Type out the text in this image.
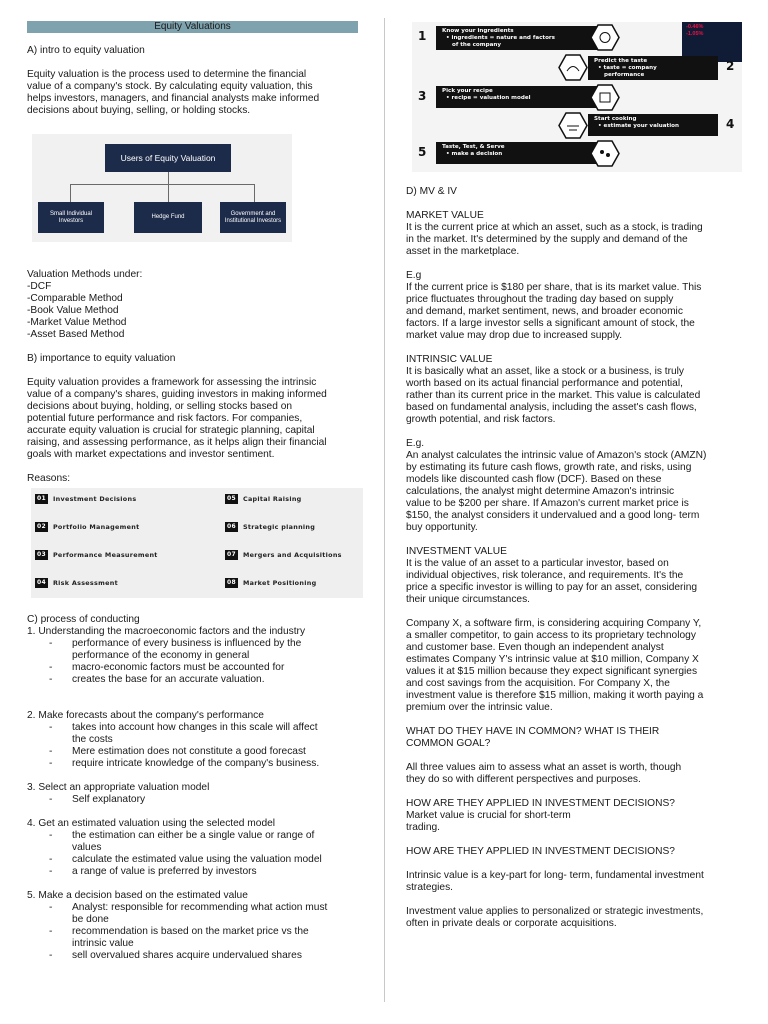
Equity Valuations

A) intro to equity valuation

Equity valuation is the process used to determine the financial

value of a company's stock. By calculating equity valuation, this

helps investors, managers, and financial analysts make informed

decisions about buying, selling, or holding stocks.

Users of Equity Valuation
Small Individual Investors
Hedge Fund
Government and Institutional Investors

Valuation Methods under:

-DCF

-Comparable Method

-Book Value Method

-Market Value Method

-Asset Based Method

B) importance to equity valuation

Equity valuation provides a framework for assessing the intrinsic

value of a company's shares, guiding investors in making informed

decisions about buying, holding, or selling stocks based on

potential future performance and risk factors. For companies,

accurate equity valuation is crucial for strategic planning, capital

raising, and assessing performance, as it helps align their financial

goals with market expectations and investor sentiment.

Reasons:

01	Investment Decisions
02	Portfolio Management
03	Performance Measurement
04	Risk Assessment
05	Capital Raising
06	Strategic planning
07	Mergers and Acquisitions
08	Market Positioning

C) process of conducting

1. Understanding the macroeconomic factors and the industry

- performance of every business is influenced by the

performance of the economy in general

- macro-economic factors must be accounted for

- creates the base for an accurate valuation.

2. Make forecasts about the company's performance

- takes into account how changes in this scale will affect

the costs

- Mere estimation does not constitute a good forecast

- require intricate knowledge of the company's business.

3. Select an appropriate valuation model

- Self explanatory

4. Get an estimated valuation using the selected model

- the estimation can either be a single value or range of

values

- calculate the estimated value using the valuation model

- a range of value is preferred by investors

5. Make a decision based on the estimated value

- Analyst: responsible for recommending what action must

be done

- recommendation is based on the market price vs the

intrinsic value

- sell overvalued shares acquire undervalued shares

-0.46%
-1.05%
1	Know your ingredients
• ingredients = nature and factors
of the company
Predict the taste
• taste = company
performance
2
3	Pick your recipe
• recipe = valuation model
Start cooking
• estimate your valuation	4
5	Taste, Test, & Serve
• make a decision

D) MV & IV

MARKET VALUE

It is the current price at which an asset, such as a stock, is trading

in the market. It's determined by the supply and demand of the

asset in the marketplace.

E.g

If the current price is $180 per share, that is its market value. This

price fluctuates throughout the trading day based on supply

and demand, market sentiment, news, and broader economic

factors. If a large investor sells a significant amount of stock, the

market value may drop due to increased supply.

INTRINSIC VALUE

It is basically what an asset, like a stock or a business, is truly

worth based on its actual financial performance and potential,

rather than its current price in the market. This value is calculated

based on fundamental analysis, including the asset's cash flows,

growth potential, and risk factors.

E.g.

An analyst calculates the intrinsic value of Amazon's stock (AMZN)

by estimating its future cash flows, growth rate, and risks, using

models like discounted cash flow (DCF). Based on these

calculations, the analyst might determine Amazon's intrinsic

value to be $200 per share. If Amazon's current market price is

$150, the analyst considers it undervalued and a good long- term

buy opportunity.

INVESTMENT VALUE

It is the value of an asset to a particular investor, based on

individual objectives, risk tolerance, and requirements. It's the

price a specific investor is willing to pay for an asset, considering

their unique circumstances.

Company X, a software firm, is considering acquiring Company Y,

a smaller competitor, to gain access to its proprietary technology

and customer base. Even though an independent analyst

estimates Company Y's intrinsic value at $10 million, Company X

values it at $15 million because they expect significant synergies

and cost savings from the acquisition. For Company X, the

investment value is therefore $15 million, making it worth paying a

premium over the intrinsic value.

WHAT DO THEY HAVE IN COMMON? WHAT IS THEIR

COMMON GOAL?

All three values aim to assess what an asset is worth, though

they do so with different perspectives and purposes.

HOW ARE THEY APPLIED IN INVESTMENT DECISIONS?

Market value is crucial for short-term

trading.

HOW ARE THEY APPLIED IN INVESTMENT DECISIONS?

Intrinsic value is a key-part for long- term, fundamental investment

strategies.

Investment value applies to personalized or strategic investments,

often in private deals or corporate acquisitions.
